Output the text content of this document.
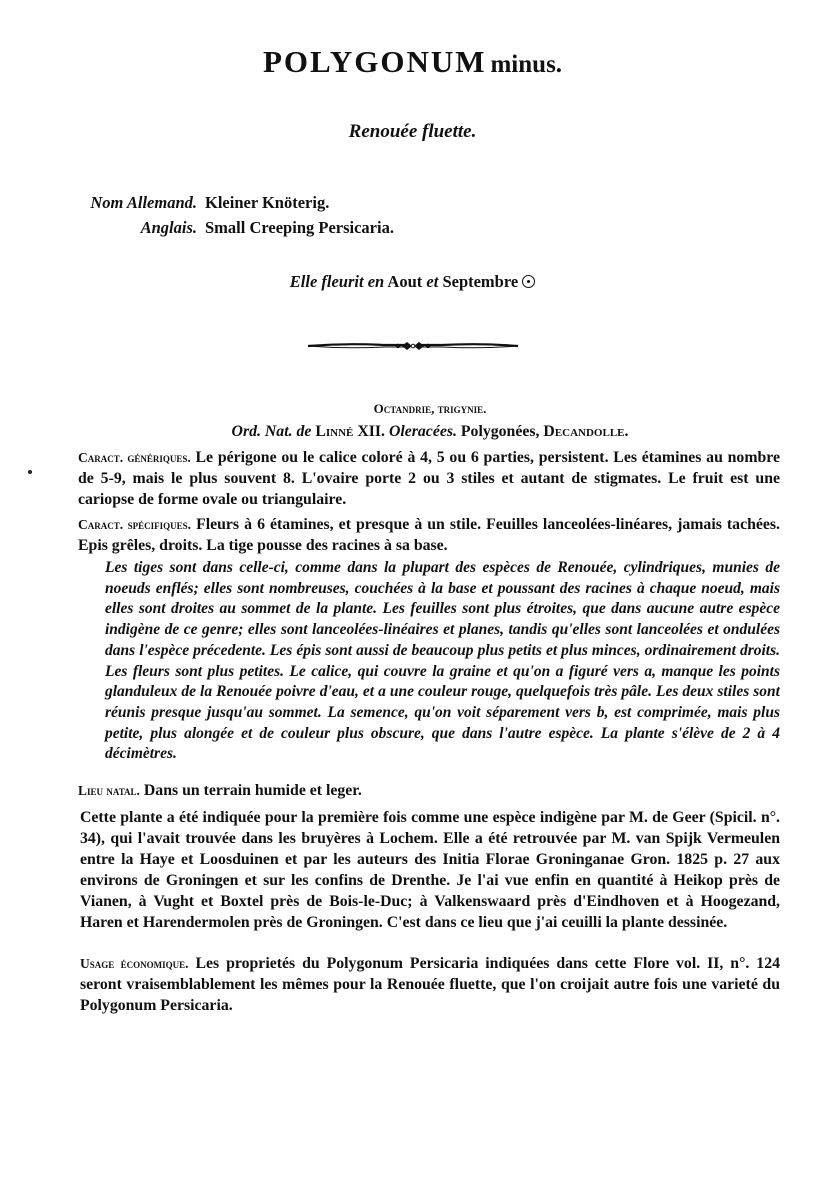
POLYGONUM minus.
Renouée fluette.
Nom Allemand. Kleiner Knöterig.
Anglais. Small Creeping Persicaria.
Elle fleurit en Aout et Septembre
Octandrie, trigynie.
Ord. Nat. de Linné XII. Oleracées. Polygonées, Decandolle.

Caract. génériques. Le périgone ou le calice coloré à 4, 5 ou 6 parties, persistent. Les étamines au nombre de 5-9, mais le plus souvent 8. L'ovaire porte 2 ou 3 stiles et autant de stigmates. Le fruit est une cariopse de forme ovale ou triangulaire.

Caract. spécifiques. Fleurs à 6 étamines, et presque à un stile. Feuilles lanceolées-linéares, jamais tachées. Epis grêles, droits. La tige pousse des racines à sa base.

Les tiges sont dans celle-ci, comme dans la plupart des espèces de Renouée, cylindriques, munies de noeuds enflés; elles sont nombreuses, couchées à la base et poussant des racines à chaque noeud, mais elles sont droites au sommet de la plante. Les feuilles sont plus étroites, que dans aucune autre espèce indigène de ce genre; elles sont lanceolées-linéaires et planes, tandis qu'elles sont lanceolées et ondulées dans l'espèce précedente. Les épis sont aussi de beaucoup plus petits et plus minces, ordinairement droits. Les fleurs sont plus petites. Le calice, qui couvre la graine et qu'on a figuré vers a, manque les points glanduleux de la Renouée poivre d'eau, et a une couleur rouge, quelquefois très pâle. Les deux stiles sont réunis presque jusqu'au sommet. La semence, qu'on voit séparement vers b, est comprimée, mais plus petite, plus alongée et de couleur plus obscure, que dans l'autre espèce. La plante s'élève de 2 à 4 décimètres.

Lieu natal. Dans un terrain humide et leger.

Cette plante a été indiquée pour la première fois comme une espèce indigène par M. de Geer (Spicil. n°. 34), qui l'avait trouvée dans les bruyères à Lochem. Elle a été retrouvée par M. van Spijk Vermeulen entre la Haye et Loosduinen et par les auteurs des Initia Florae Groninganae Gron. 1825 p. 27 aux environs de Groningen et sur les confins de Drenthe. Je l'ai vue enfin en quantité à Heikop près de Vianen, à Vught et Boxtel près de Bois-le-Duc; à Valkenswaard près d'Eindhoven et à Hoogezand, Haren et Harendermolen près de Groningen. C'est dans ce lieu que j'ai ceuilli la plante dessinée.

Usage économique. Les proprietés du Polygonum Persicaria indiquées dans cette Flore vol. II, n°. 124 seront vraisemblablement les mêmes pour la Renouée fluette, que l'on croijait autre fois une varieté du Polygonum Persicaria.
